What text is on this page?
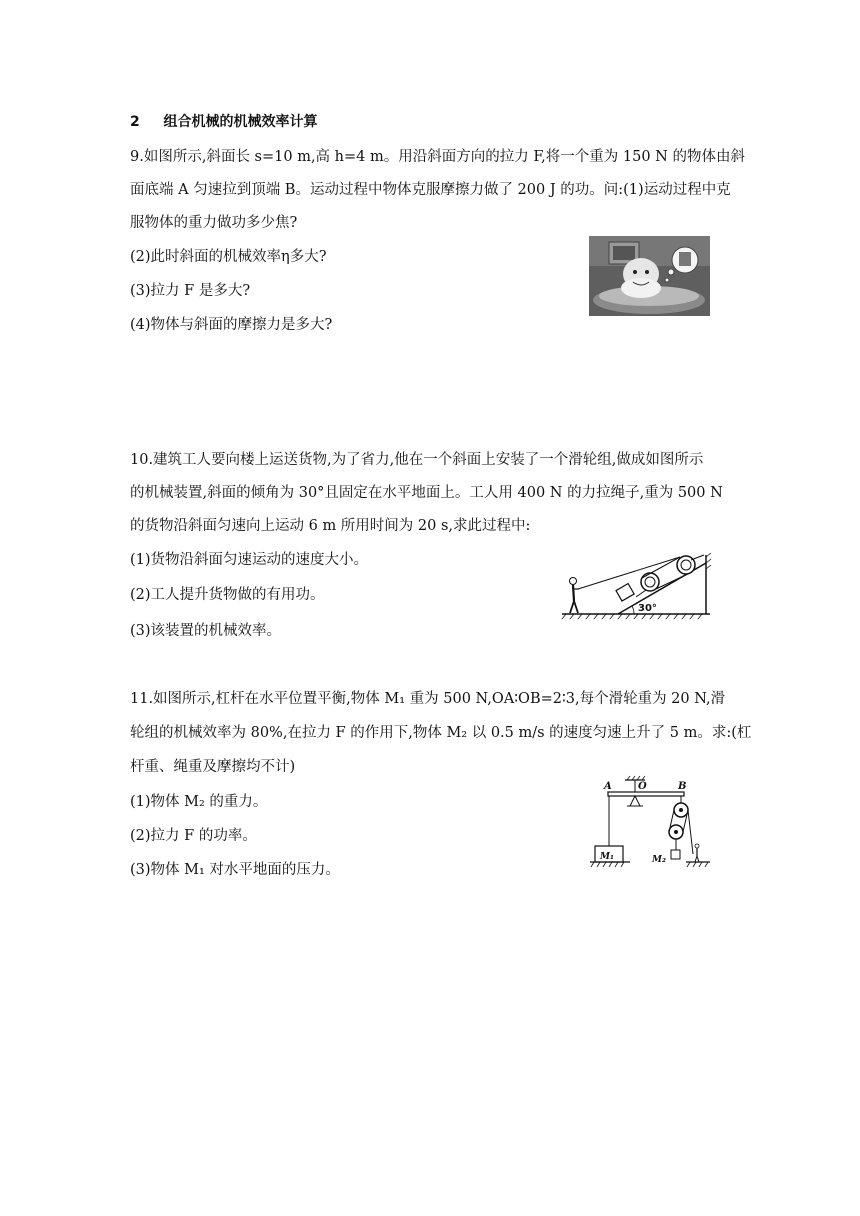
2 组合机械的机械效率计算
9.如图所示,斜面长 s=10 m,高 h=4 m。用沿斜面方向的拉力 F,将一个重为 150 N 的物体由斜
面底端 A 匀速拉到顶端 B。运动过程中物体克服摩擦力做了 200 J 的功。问:(1)运动过程中克
服物体的重力做功多少焦?
(2)此时斜面的机械效率η多大?
(3)拉力 F 是多大?
(4)物体与斜面的摩擦力是多大?
10.建筑工人要向楼上运送货物,为了省力,他在一个斜面上安装了一个滑轮组,做成如图所示
的机械装置,斜面的倾角为 30°且固定在水平地面上。工人用 400 N 的力拉绳子,重为 500 N
的货物沿斜面匀速向上运动 6 m 所用时间为 20 s,求此过程中:
(1)货物沿斜面匀速运动的速度大小。
(2)工人提升货物做的有用功。
(3)该装置的机械效率。
30°
11.如图所示,杠杆在水平位置平衡,物体 M₁ 重为 500 N,OA∶OB=2∶3,每个滑轮重为 20 N,滑
轮组的机械效率为 80%,在拉力 F 的作用下,物体 M₂ 以 0.5 m/s 的速度匀速上升了 5 m。求:(杠
杆重、绳重及摩擦均不计)
(1)物体 M₂ 的重力。
(2)拉力 F 的功率。
(3)物体 M₁ 对水平地面的压力。
A	O	B
M₁	M₂
